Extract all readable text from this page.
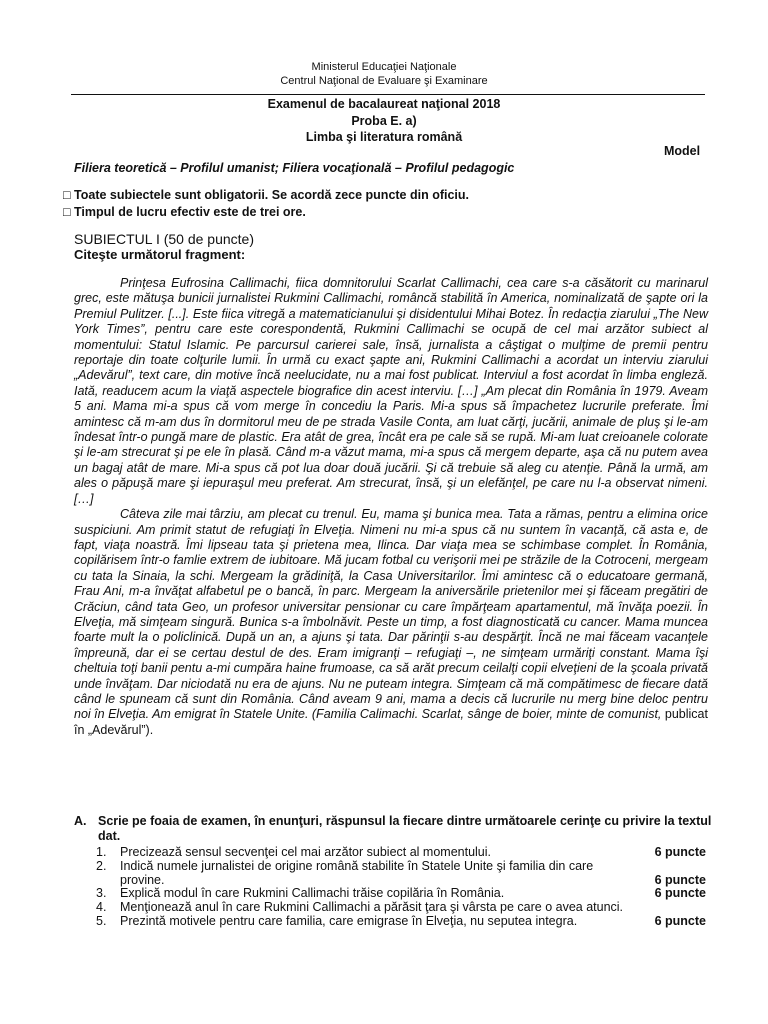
Ministerul Educaţiei Naţionale
Centrul Naţional de Evaluare şi Examinare
Examenul de bacalaureat naţional 2018
Proba E. a)
Limba şi literatura română
Model
Filiera teoretică – Profilul umanist; Filiera vocaţională – Profilul pedagogic
□ Toate subiectele sunt obligatorii. Se acordă zece puncte din oficiu.
□ Timpul de lucru efectiv este de trei ore.
SUBIECTUL I (50 de puncte)
Citeşte următorul fragment:

Prinţesa Eufrosina Callimachi, fiica domnitorului Scarlat Callimachi, cea care s-a căsătorit cu marinarul grec, este mătuşa bunicii jurnalistei Rukmini Callimachi, româncă stabilită în America, nominalizată de şapte ori la Premiul Pulitzer. [...]. Este fiica vitregă a matematicianului şi disidentului Mihai Botez. În redacţia ziarului „The New York Times”, pentru care este corespondentă, Rukmini Callimachi se ocupă de cel mai arzător subiect al momentului: Statul Islamic. Pe parcursul carierei sale, însă, jurnalista a câştigat o mulţime de premii pentru reportaje din toate colţurile lumii. În urmă cu exact şapte ani, Rukmini Callimachi a acordat un interviu ziarului „Adevărul”, text care, din motive încă neelucidate, nu a mai fost publicat. Interviul a fost acordat în limba engleză. Iată, readucem acum la viaţă aspectele biografice din acest interviu. […] „Am plecat din România în 1979. Aveam 5 ani. Mama mi-a spus că vom merge în concediu la Paris. Mi-a spus să împachetez lucrurile preferate. Îmi amintesc că m-am dus în dormitorul meu de pe strada Vasile Conta, am luat cărţi, jucării, animale de pluş şi le-am îndesat într-o pungă mare de plastic. Era atât de grea, încât era pe cale să se rupă. Mi-am luat creioanele colorate şi le-am strecurat şi pe ele în plasă. Când m-a văzut mama, mi-a spus că mergem departe, aşa că nu putem avea un bagaj atât de mare. Mi-a spus că pot lua doar două jucării. Şi că trebuie să aleg cu atenţie. Până la urmă, am ales o păpuşă mare şi iepuraşul meu preferat. Am strecurat, însă, şi un elefănţel, pe care nu l-a observat nimeni. […]

Câteva zile mai târziu, am plecat cu trenul. Eu, mama şi bunica mea. Tata a rămas, pentru a elimina orice suspiciuni. Am primit statut de refugiaţi în Elveţia. Nimeni nu mi-a spus că nu suntem în vacanţă, că asta e, de fapt, viaţa noastră. Îmi lipseau tata şi prietena mea, Ilinca. Dar viaţa mea se schimbase complet. În România, copilărisem într-o famlie extrem de iubitoare. Mă jucam fotbal cu verişorii mei pe străzile de la Cotroceni, mergeam cu tata la Sinaia, la schi. Mergeam la grădiniţă, la Casa Universitarilor. Îmi amintesc că o educatoare germană, Frau Ani, m-a învăţat alfabetul pe o bancă, în parc. Mergeam la aniversările prietenilor mei şi făceam pregătiri de Crăciun, când tata Geo, un profesor universitar pensionar cu care împărţeam apartamentul, mă învăţa poezii. În Elveţia, mă simţeam singură. Bunica s-a îmbolnăvit. Peste un timp, a fost diagnosticată cu cancer. Mama muncea foarte mult la o policlinică. După un an, a ajuns şi tata. Dar părinţii s-au despărţit. Încă ne mai făceam vacanţele împreună, dar ei se certau destul de des. Eram imigranţi – refugiaţi –, ne simţeam urmăriţi constant. Mama îşi cheltuia toţi banii pentu a-mi cumpăra haine frumoase, ca să arăt precum ceilalţi copii elveţieni de la şcoala privată unde învăţam. Dar niciodată nu era de ajuns. Nu ne puteam integra. Simţeam că mă compătimesc de fiecare dată când le spuneam că sunt din România. Când aveam 9 ani, mama a decis că lucrurile nu merg bine deloc pentru noi în Elveţia. Am emigrat în Statele Unite. (Familia Calimachi. Scarlat, sânge de boier, minte de comunist, publicat în „Adevărul”).

A. Scrie pe foaia de examen, în enunţuri, răspunsul la fiecare dintre următoarele cerinţe cu privire la textul dat.
1. Precizează sensul secvenţei cel mai arzător subiect al momentului.	6 puncte
2. Indică numele jurnalistei de origine română stabilite în Statele Unite şi familia din care
provine.	6 puncte
3. Explică modul în care Rukmini Callimachi trăise copilăria în România.	6 puncte
4. Menţionează anul în care Rukmini Callimachi a părăsit ţara şi vârsta pe care o avea atunci.
5. Prezintă motivele pentru care familia, care emigrase în Elveţia, nu seputea integra.	6 puncte
